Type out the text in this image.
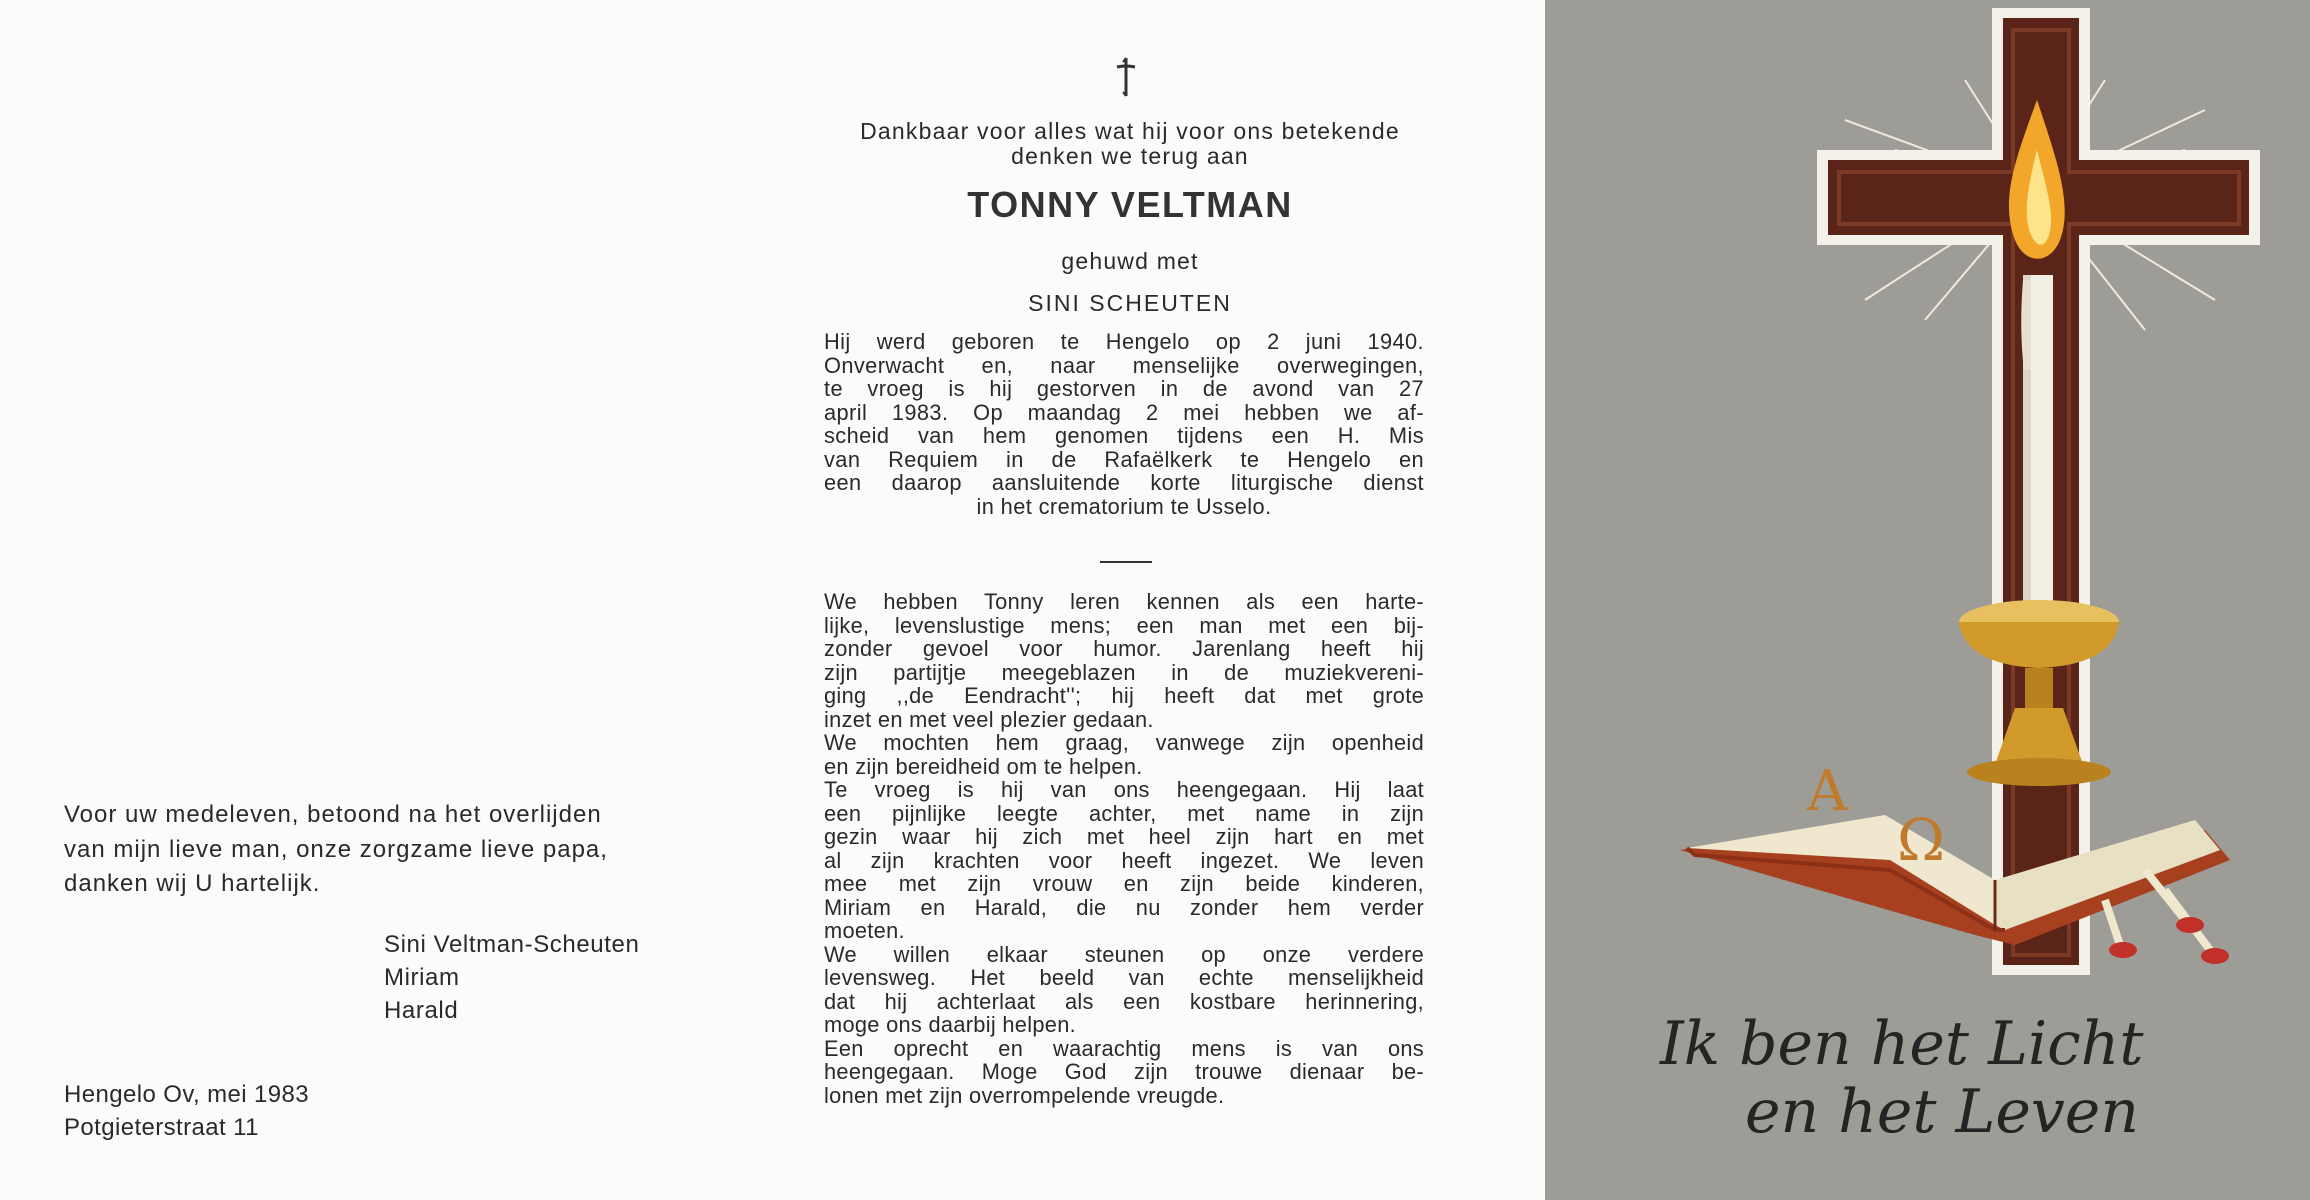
Voor uw medeleven, betoond na het overlijden
van mijn lieve man, onze zorgzame lieve papa,
danken wij U hartelijk.
Sini Veltman-Scheuten
Miriam
Harald
Hengelo Ov, mei 1983
Potgieterstraat 11
Dankbaar voor alles wat hij voor ons betekende
denken we terug aan
TONNY VELTMAN
gehuwd met
SINI SCHEUTEN
Hij werd geboren te Hengelo op 2 juni 1940.
Onverwacht en, naar menselijke overwegingen,
te vroeg is hij gestorven in de avond van 27
april 1983. Op maandag 2 mei hebben we af-
scheid van hem genomen tijdens een H. Mis
van Requiem in de Rafaëlkerk te Hengelo en
een daarop aansluitende korte liturgische dienst
in het crematorium te Usselo.
We hebben Tonny leren kennen als een harte-
lijke, levenslustige mens; een man met een bij-
zonder gevoel voor humor. Jarenlang heeft hij
zijn partijtje meegeblazen in de muziekvereni-
ging ,,de Eendracht''; hij heeft dat met grote
inzet en met veel plezier gedaan.
We mochten hem graag, vanwege zijn openheid
en zijn bereidheid om te helpen.
Te vroeg is hij van ons heengegaan. Hij laat
een pijnlijke leegte achter, met name in zijn
gezin waar hij zich met heel zijn hart en met
al zijn krachten voor heeft ingezet. We leven
mee met zijn vrouw en zijn beide kinderen,
Miriam en Harald, die nu zonder hem verder
moeten.
We willen elkaar steunen op onze verdere
levensweg. Het beeld van echte menselijkheid
dat hij achterlaat als een kostbare herinnering,
moge ons daarbij helpen.
Een oprecht en waarachtig mens is van ons
heengegaan. Moge God zijn trouwe dienaar be-
lonen met zijn overrompelende vreugde.
A
Ω
Ik ben het Licht
en het Leven
